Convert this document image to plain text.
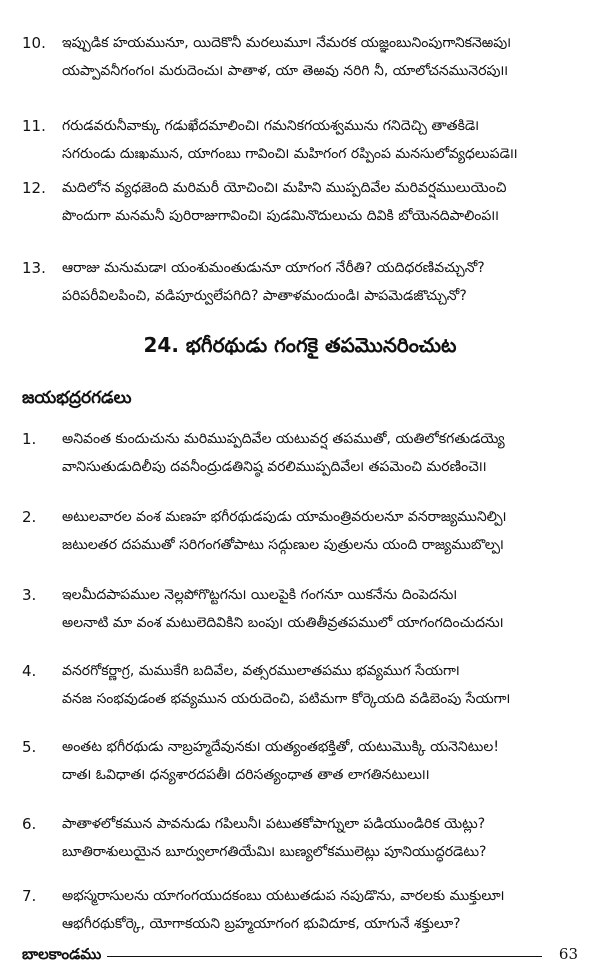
10.	ఇప్పుడిక హయమునూ, యిదెకొనీ మరలుమూ౹ నేమరక యజ్ఞంబునింపుగానికనెఱపు౹
యప్పావనీగంగం౹ మరుదెంచు౹ పాతాళ, యా తెఱవు నరిగి నీ, యాలోచనమునెరపు౹౹
11.	గరుడవరునీవాక్కు గడుఖేదమాలించి౹ గమనికగయశ్వమును గనిదెచ్చి తాతకిడె౹
సగరుండు దుఃఖమున, యాగంబు గావించి౹ మహిగంగ రప్పింప మనసులోవ్యధలుపడె౹౹
12.	మదిలోన వ్యధజెంది మరిమరీ యోచించి౹ మహిని ముప్పదివేల మరివర్షములుయెంచి
పొందుగా మనమనీ పురిరాజుగావించి౹ పుడమినొదులుచు దివికి బోయెనదిపాలింప౹౹
13.	ఆరాజు మనుమడా౹ యంశుమంతుడునూ యాగంగ నేరీతి? యదిధరణివచ్చునో?
పరిపరీవిలపించి, వడిపూర్వులేపగిది? పాతాళమందుండి౹ పాపమెడజొచ్చునో?
24. భగీరథుడు గంగకై తపమొనరించుట
జయభద్రరగడలు
1.	అనివంత కుందుచును మరిముప్పదివేల యటువర్ష తపముతో, యతిలోకగతుడయ్యె
వానిసుతుడుదిలీపు దవనీంద్రుడతినిష్ఠ వరలిముప్పదివేల౹ తపమెంచి మరణించె౹౹
2.	అటులవారల వంశ మణహ భగీరథుడపుడు యామంత్రివరులనూ వనరాజ్యమునిల్పి౹
జటులతర దపముతో సరిగంగతోపాటు సద్గుణుల పుత్రులను యంది రాజ్యముబొల్ప౹
3.	ఇలమీదపాపముల నెల్లపోగొట్టగను౹ యిలపైకి గంగనూ యికనేను దింపెదను౹
అలనాటి మా వంశ మటులెదివికిని బంపు౹ యతితీవ్రతపములో యాగంగదించుదను౹
4.	వనరగోకర్ణాగ్ర, మముకేగి బదివేల, వత్సరములాతపము భవ్యముగ సేయగా౹
వనజ సంభవుడంత భవ్యమున యరుదెంచి, పటిమగా కోర్కెయది వడిబెంపు సేయగా౹
5.	అంతట భగీరథుడు నాబ్రహ్మదేవునకు౹ యత్యంతభక్తితో, యటుమొక్కి యనెనిటుల!
దాత౹ ఓవిధాత౹ ధన్యశారదపతీ౹ దరిసత్యంధాత తాత లాగతినటులు౹౹
6.	పాతాళలోకమున పావనుడు గపిలునీ౹ పటుతకోపాగ్నులా పడియుండిరిక యెట్లు?
బూతిరాశులుయైన బూర్వులాగతియేమి౹ బుణ్యలోకములెట్లు పూనియుద్ధరడెటు?
7.	అభస్మరాసులను యాగంగయుదకంబు యటుతడుప నపుడొను, వారలకు ముక్తులూ౹
ఆభగీరథుకోర్కె, యోగాకయని బ్రహ్మయాగంగ భువిదూక, యాగునే శక్తులూ?
బాలకాండము	63
